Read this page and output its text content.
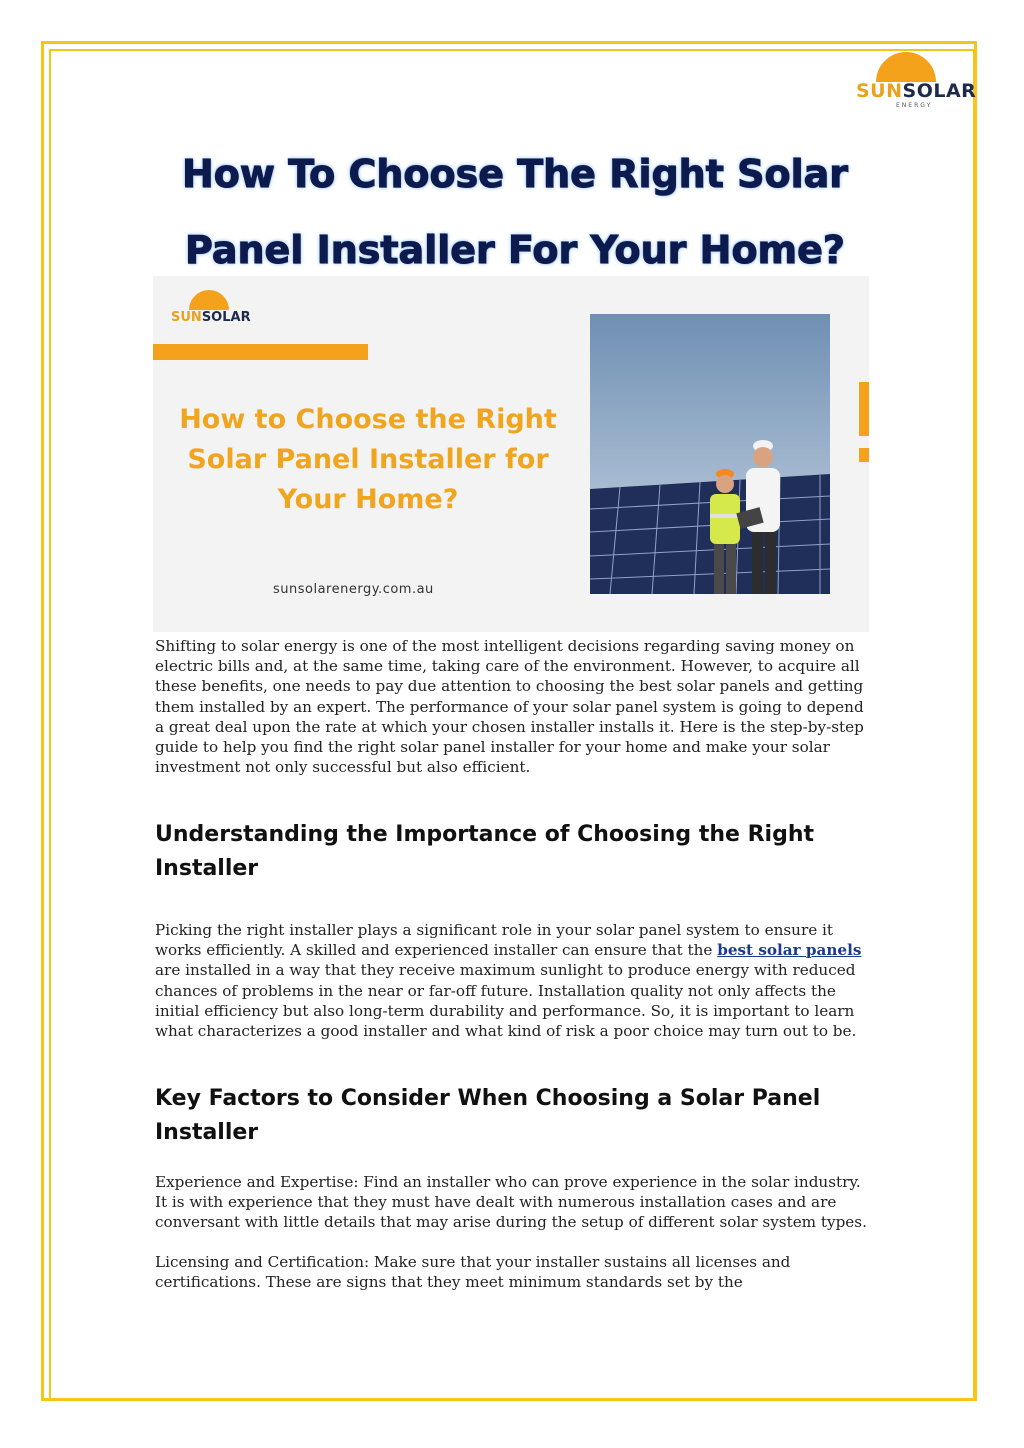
SUNSOLAR
ENERGY
How To Choose The Right Solar Panel Installer For Your Home?
SUNSOLAR
How to Choose the Right Solar Panel Installer for Your Home?
sunsolarenergy.com.au

Shifting to solar energy is one of the most intelligent decisions regarding saving money on electric bills and, at the same time, taking care of the environment. However, to acquire all these benefits, one needs to pay due attention to choosing the best solar panels and getting them installed by an expert. The performance of your solar panel system is going to depend a great deal upon the rate at which your chosen installer installs it. Here is the step-by-step guide to help you find the right solar panel installer for your home and make your solar investment not only successful but also efficient.

Understanding the Importance of Choosing the Right Installer

Picking the right installer plays a significant role in your solar panel system to ensure it works efficiently. A skilled and experienced installer can ensure that the best solar panels are installed in a way that they receive maximum sunlight to produce energy with reduced chances of problems in the near or far-off future. Installation quality not only affects the initial efficiency but also long-term durability and performance. So, it is important to learn what characterizes a good installer and what kind of risk a poor choice may turn out to be.

Key Factors to Consider When Choosing a Solar Panel Installer

Experience and Expertise: Find an installer who can prove experience in the solar industry. It is with experience that they must have dealt with numerous installation cases and are conversant with little details that may arise during the setup of different solar system types.

Licensing and Certification: Make sure that your installer sustains all licenses and certifications. These are signs that they meet minimum standards set by the
